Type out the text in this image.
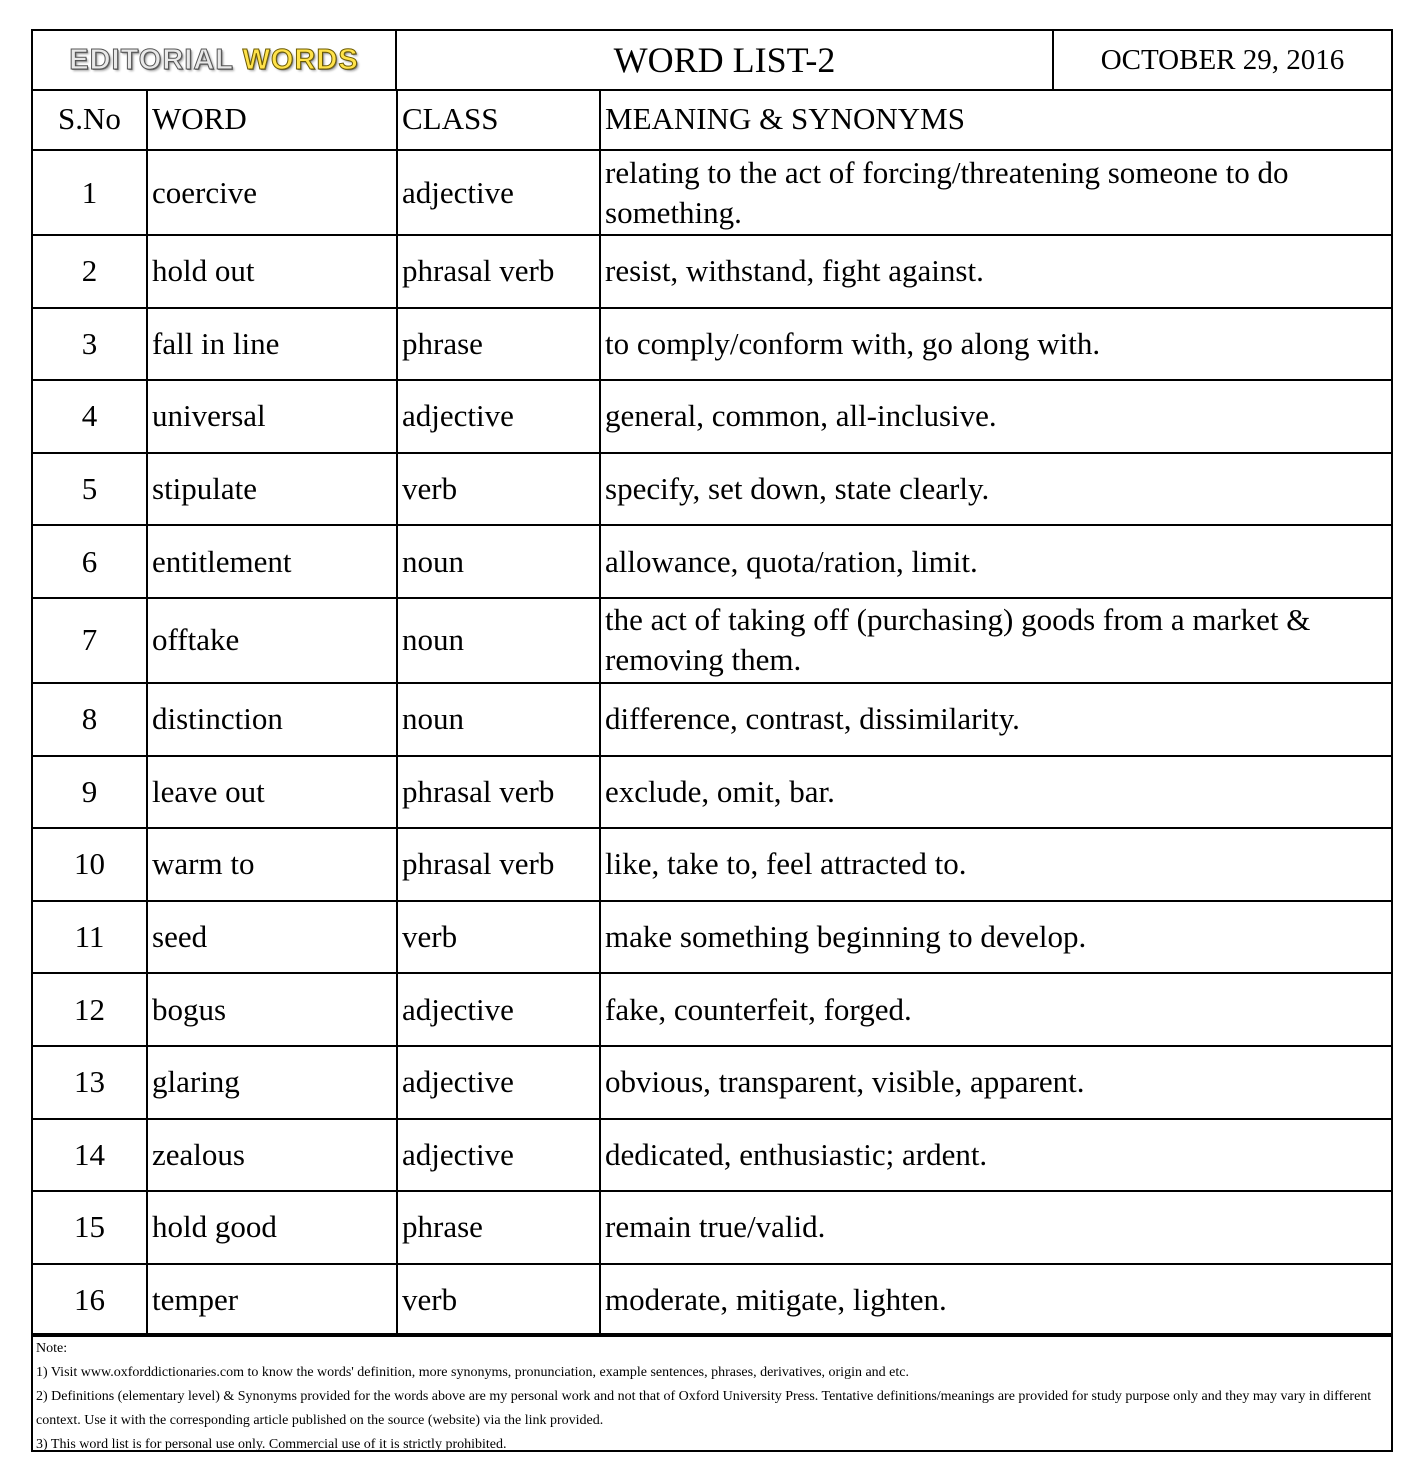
EDITORIAL WORDS	WORD LIST-2	OCTOBER 29, 2016
S.No	WORD	CLASS	MEANING & SYNONYMS
1	coercive	adjective	relating to the act of forcing/threatening someone to do something.
2	hold out	phrasal verb	resist, withstand, fight against.
3	fall in line	phrase	to comply/conform with, go along with.
4	universal	adjective	general, common, all-inclusive.
5	stipulate	verb	specify, set down, state clearly.
6	entitlement	noun	allowance, quota/ration, limit.
7	offtake	noun	the act of taking off (purchasing) goods from a market & removing them.
8	distinction	noun	difference, contrast, dissimilarity.
9	leave out	phrasal verb	exclude, omit, bar.
10	warm to	phrasal verb	like, take to, feel attracted to.
11	seed	verb	make something beginning to develop.
12	bogus	adjective	fake, counterfeit, forged.
13	glaring	adjective	obvious, transparent, visible, apparent.
14	zealous	adjective	dedicated, enthusiastic; ardent.
15	hold good	phrase	remain true/valid.
16	temper	verb	moderate, mitigate, lighten.

Note:

1) Visit www.oxforddictionaries.com to know the words' definition, more synonyms, pronunciation, example sentences, phrases, derivatives, origin and etc.

2) Definitions (elementary level) & Synonyms provided for the words above are my personal work and not that of Oxford University Press. Tentative definitions/meanings are provided for study purpose only and they may vary in different context. Use it with the corresponding article published on the source (website) via the link provided.

3) This word list is for personal use only. Commercial use of it is strictly prohibited.
